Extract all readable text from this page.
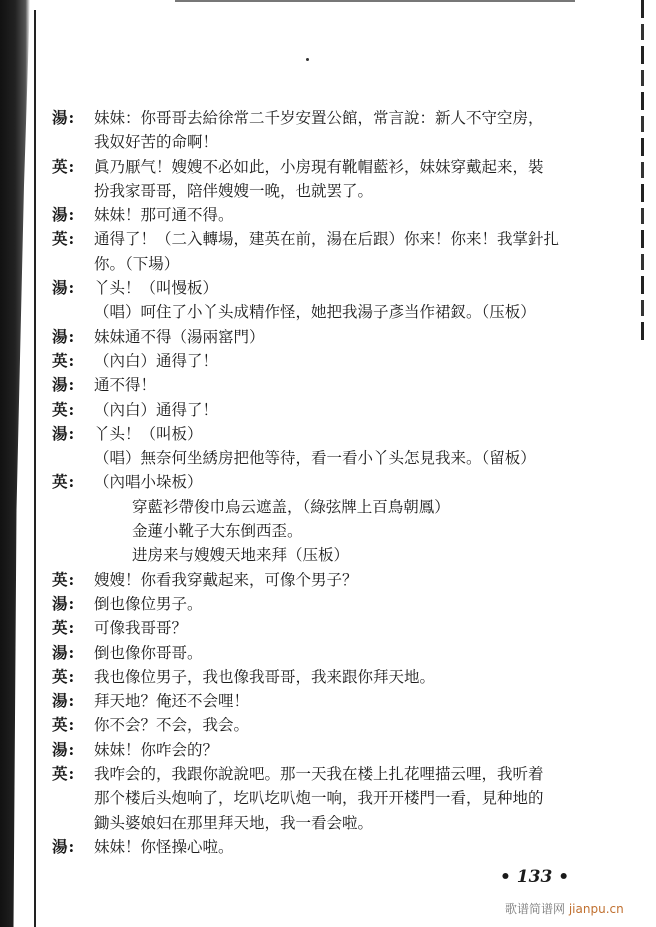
湯:	妹妹：你哥哥去給徐常二千岁安置公館，常言說：新人不守空房，
我奴好苦的命啊！
英:	眞乃厭气！嫂嫂不必如此，小房現有靴帽藍衫，妹妹穿戴起来，裝
扮我家哥哥，陪伴嫂嫂一晚，也就罢了。
湯:	妹妹！那可通不得。
英:	通得了！（二入轉場，建英在前，湯在后跟）你来！你来！我掌針扎
你。（下場）
湯:	丫头！（叫慢板）
（唱）呵住了小丫头成精作怪，她把我湯子彥当作裙釵。（压板）
湯:	妹妹通不得（湯兩窰門）
英:	（內白）通得了！
湯:	通不得！
英:	（內白）通得了！
湯:	丫头！（叫板）
（唱）無奈何坐綉房把他等待，看一看小丫头怎見我来。（留板）
英:	（內唱小垛板）
穿藍衫帶俊巾烏云遮盖，（綠弦牌上百鳥朝鳳）
金蓮小靴子大东倒西歪。
进房来与嫂嫂天地来拜（压板）
英:	嫂嫂！你看我穿戴起来，可像个男子？
湯:	倒也像位男子。
英:	可像我哥哥？
湯:	倒也像你哥哥。
英:	我也像位男子，我也像我哥哥，我来跟你拜天地。
湯:	拜天地？俺还不会哩！
英:	你不会？不会，我会。
湯:	妹妹！你咋会的？
英:	我咋会的，我跟你說說吧。那一天我在楼上扎花哩描云哩，我听着
那个楼后头炮响了，圪叭圪叭炮一响，我开开楼門一看，見种地的
鋤头婆娘妇在那里拜天地，我一看会啦。
湯:	妹妹！你怪操心啦。
• 133 •
歌谱简谱网 jianpu.cn
